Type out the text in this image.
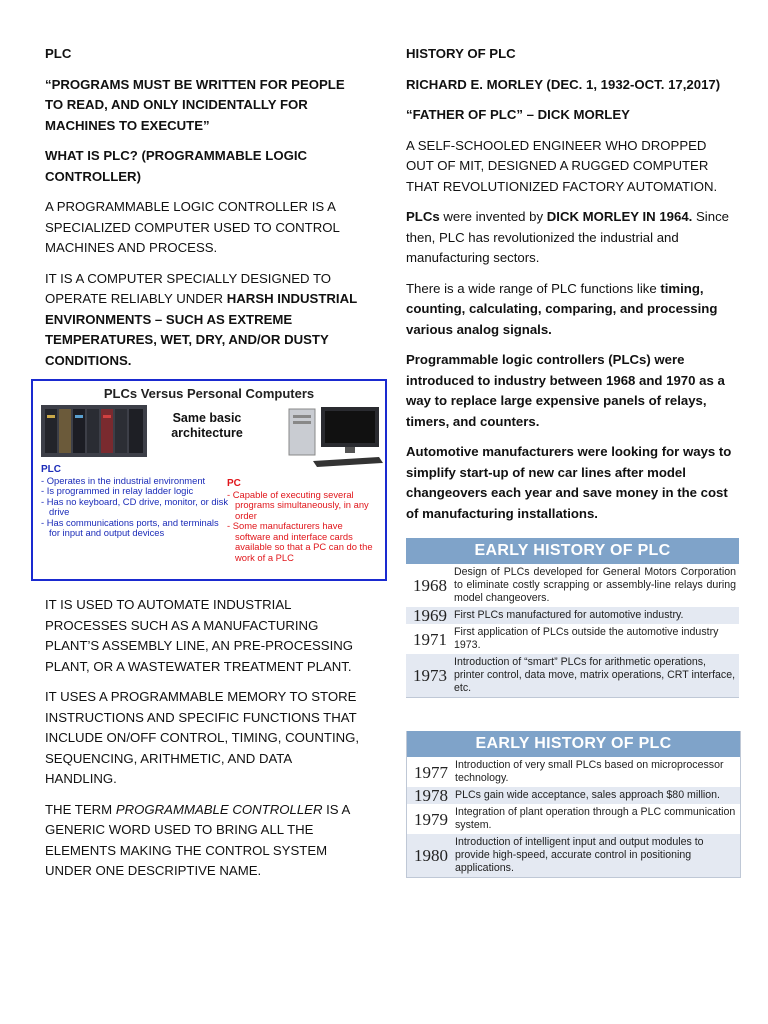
PLC

“PROGRAMS MUST BE WRITTEN FOR PEOPLE TO READ, AND ONLY INCIDENTALLY FOR MACHINES TO EXECUTE”

WHAT IS PLC? (PROGRAMMABLE LOGIC CONTROLLER)

A PROGRAMMABLE LOGIC CONTROLLER IS A SPECIALIZED COMPUTER USED TO CONTROL MACHINES AND PROCESS.

IT IS A COMPUTER SPECIALLY DESIGNED TO OPERATE RELIABLY UNDER HARSH INDUSTRIAL ENVIRONMENTS – SUCH AS EXTREME TEMPERATURES, WET, DRY, AND/OR DUSTY CONDITIONS.

PLCs Versus Personal Computers
Same basic architecture
PLC
- Operates in the industrial environment
- Is programmed in relay ladder logic
- Has no keyboard, CD drive, monitor, or disk drive
- Has communications ports, and terminals for input and output devices
PC
- Capable of executing several programs simultaneously, in any order
- Some manufacturers have software and interface cards available so that a PC can do the work of a PLC

IT IS USED TO AUTOMATE INDUSTRIAL PROCESSES SUCH AS A MANUFACTURING PLANT’S ASSEMBLY LINE, AN PRE-PROCESSING PLANT, OR A WASTEWATER TREATMENT PLANT.

IT USES A PROGRAMMABLE MEMORY TO STORE INSTRUCTIONS AND SPECIFIC FUNCTIONS THAT INCLUDE ON/OFF CONTROL, TIMING, COUNTING, SEQUENCING, ARITHMETIC, AND DATA HANDLING.

THE TERM PROGRAMMABLE CONTROLLER IS A GENERIC WORD USED TO BRING ALL THE ELEMENTS MAKING THE CONTROL SYSTEM UNDER ONE DESCRIPTIVE NAME.

HISTORY OF PLC

RICHARD E. MORLEY (DEC. 1, 1932-OCT. 17,2017)

“FATHER OF PLC” – DICK MORLEY

A SELF-SCHOOLED ENGINEER WHO DROPPED OUT OF MIT, DESIGNED A RUGGED COMPUTER THAT REVOLUTIONIZED FACTORY AUTOMATION.

PLCs were invented by DICK MORLEY IN 1964. Since then, PLC has revolutionized the industrial and manufacturing sectors.

There is a wide range of PLC functions like timing, counting, calculating, comparing, and processing various analog signals.

Programmable logic controllers (PLCs) were introduced to industry between 1968 and 1970 as a way to replace large expensive panels of relays, timers, and counters.

Automotive manufacturers were looking for ways to simplify start-up of new car lines after model changeovers each year and save money in the cost of manufacturing installations.

EARLY HISTORY OF PLC
1968
Design of PLCs developed for General Motors Corporation to eliminate costly scrapping or assembly-line relays during model changeovers.
1969 First PLCs manufactured for automotive industry.
1971 First application of PLCs outside the automotive industry 1973.
1973
Introduction of “smart” PLCs for arithmetic operations, printer control, data move, matrix operations, CRT interface, etc.
EARLY HISTORY OF PLC
1977 Introduction of very small PLCs based on microprocessor technology.
1978 PLCs gain wide acceptance, sales approach $80 million.
1979 Integration of plant operation through a PLC communication system.
1980
Introduction of intelligent input and output modules to provide high-speed, accurate control in positioning applications.
